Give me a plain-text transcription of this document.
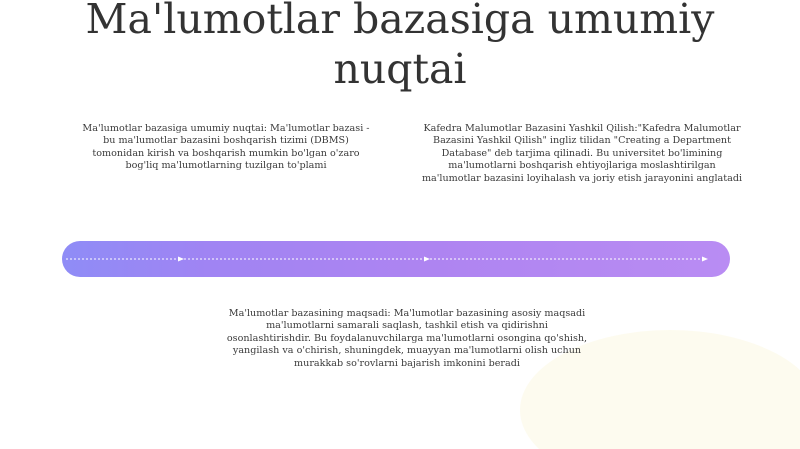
Ma'lumotlar bazasiga umumiy nuqtai

Ma'lumotlar bazasiga umumiy nuqtai: Ma'lumotlar bazasi - bu ma'lumotlar bazasini boshqarish tizimi (DBMS) tomonidan kirish va boshqarish mumkin bo'lgan o'zaro bog'liq ma'lumotlarning tuzilgan to'plami

Kafedra Malumotlar Bazasini Yashkil Qilish:"Kafedra Malumotlar Bazasini Yashkil Qilish" ingliz tilidan "Creating a Department Database" deb tarjima qilinadi. Bu universitet bo'limining ma'lumotlarni boshqarish ehtiyojlariga moslashtirilgan ma'lumotlar bazasini loyihalash va joriy etish jarayonini anglatadi

Ma'lumotlar bazasining maqsadi: Ma'lumotlar bazasining asosiy maqsadi ma'lumotlarni samarali saqlash, tashkil etish va qidirishni osonlashtirishdir. Bu foydalanuvchilarga ma'lumotlarni osongina qo'shish, yangilash va o'chirish, shuningdek, muayyan ma'lumotlarni olish uchun murakkab so'rovlarni bajarish imkonini beradi
